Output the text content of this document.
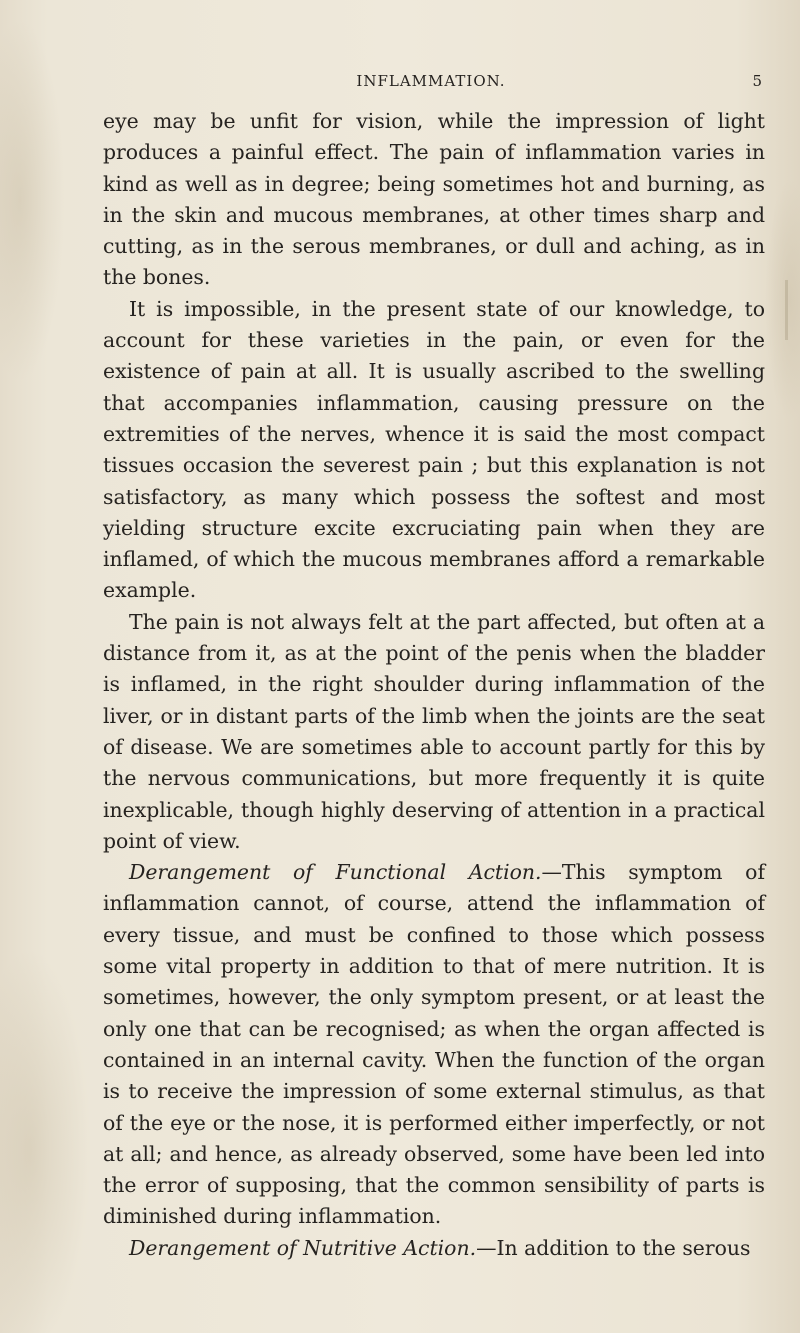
INFLAMMATION.	5

eye may be unfit for vision, while the impression of light produces a painful effect. The pain of inflammation varies in kind as well as in degree; being sometimes hot and burning, as in the skin and mucous membranes, at other times sharp and cutting, as in the serous membranes, or dull and aching, as in the bones.

It is impossible, in the present state of our knowledge, to account for these varieties in the pain, or even for the existence of pain at all. It is usually ascribed to the swelling that accompanies inflammation, causing pressure on the extremities of the nerves, whence it is said the most compact tissues occasion the severest pain ; but this explanation is not satisfactory, as many which possess the softest and most yielding structure excite excruciating pain when they are inflamed, of which the mucous membranes afford a remarkable example.

The pain is not always felt at the part affected, but often at a distance from it, as at the point of the penis when the bladder is inflamed, in the right shoulder during inflammation of the liver, or in distant parts of the limb when the joints are the seat of disease. We are sometimes able to account partly for this by the nervous communications, but more frequently it is quite inexplicable, though highly deserving of attention in a practical point of view.

Derangement of Functional Action.—This symptom of inflammation cannot, of course, attend the inflammation of every tissue, and must be confined to those which possess some vital property in addition to that of mere nutrition. It is sometimes, however, the only symptom present, or at least the only one that can be recognised; as when the organ affected is contained in an internal cavity. When the function of the organ is to receive the impression of some external stimulus, as that of the eye or the nose, it is performed either imperfectly, or not at all; and hence, as already observed, some have been led into the error of supposing, that the common sensibility of parts is diminished during inflammation.

Derangement of Nutritive Action.—In addition to the serous
